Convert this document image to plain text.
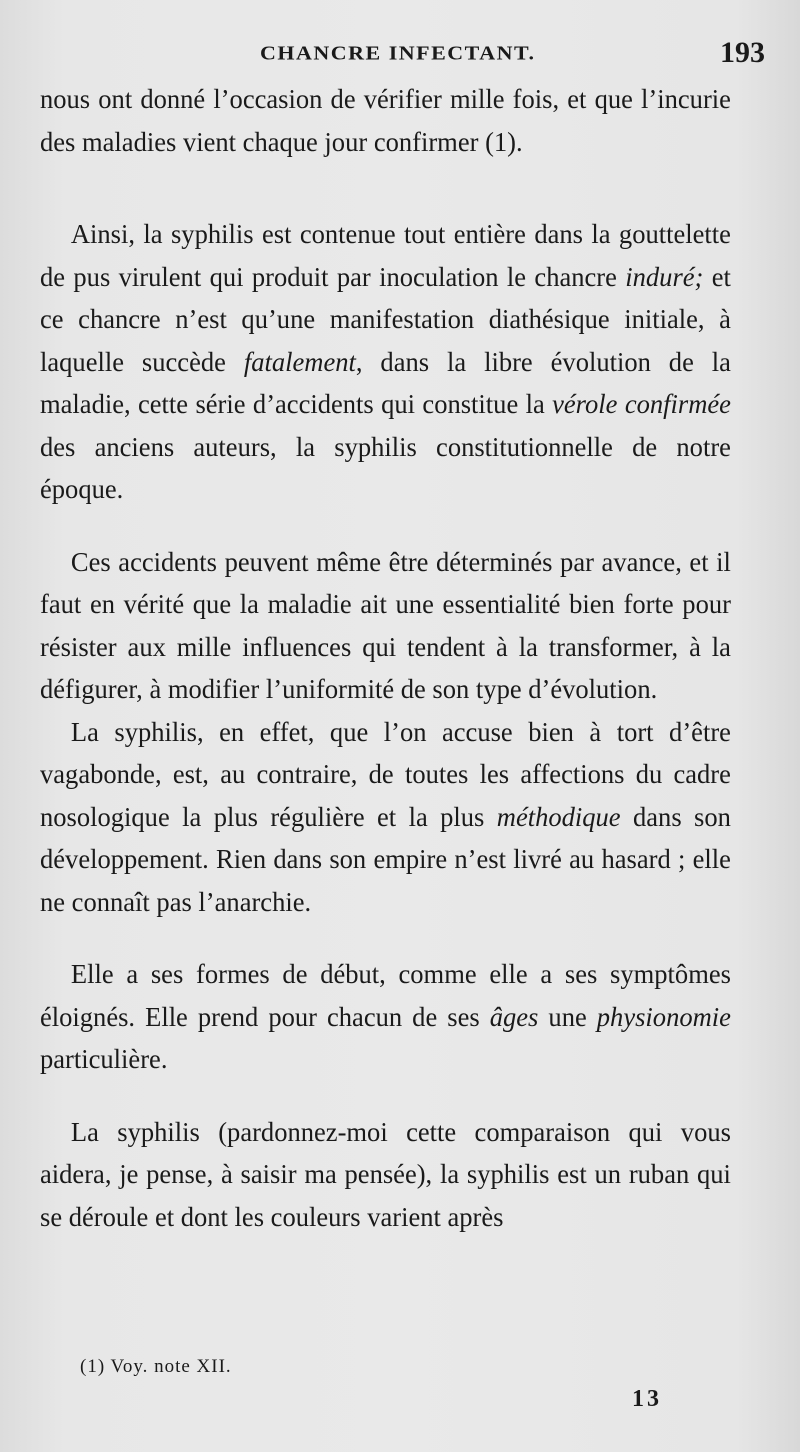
CHANCRE INFECTANT.	193

nous ont donné l’occasion de vérifier mille fois, et que l’incurie des maladies vient chaque jour confirmer (1).

Ainsi, la syphilis est contenue tout entière dans la gouttelette de pus virulent qui produit par inoculation le chancre induré; et ce chancre n’est qu’une manifestation diathésique initiale, à laquelle succède fatalement, dans la libre évolution de la maladie, cette série d’accidents qui constitue la vérole confirmée des anciens auteurs, la syphilis constitutionnelle de notre époque.

Ces accidents peuvent même être déterminés par avance, et il faut en vérité que la maladie ait une essentialité bien forte pour résister aux mille influences qui tendent à la transformer, à la défigurer, à modifier l’uniformité de son type d’évolution.

La syphilis, en effet, que l’on accuse bien à tort d’être vagabonde, est, au contraire, de toutes les affections du cadre nosologique la plus régulière et la plus méthodique dans son développement. Rien dans son empire n’est livré au hasard ; elle ne connaît pas l’anarchie.

Elle a ses formes de début, comme elle a ses symptômes éloignés. Elle prend pour chacun de ses âges une physionomie particulière.

La syphilis (pardonnez-moi cette comparaison qui vous aidera, je pense, à saisir ma pensée), la syphilis est un ruban qui se déroule et dont les couleurs varient après

(1) Voy. note XII.
13
